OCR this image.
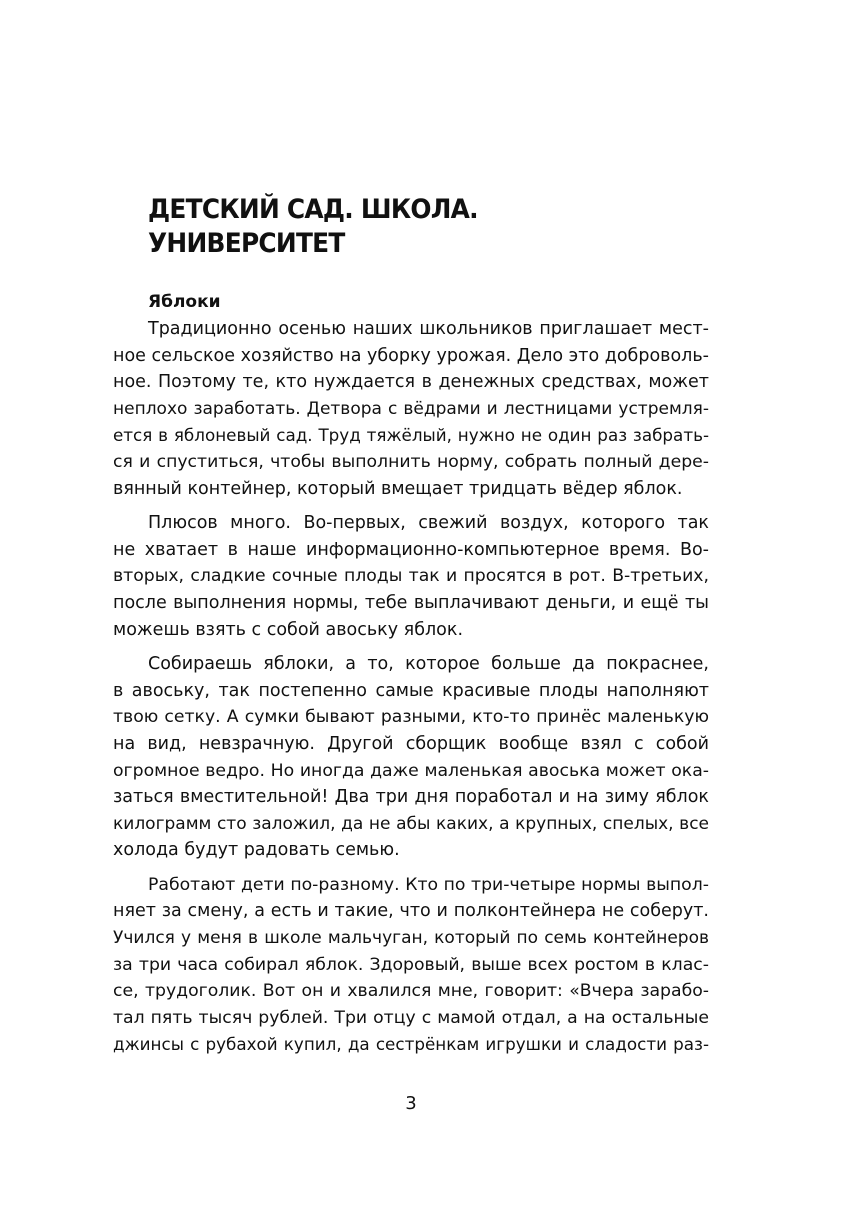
ДЕТСКИЙ САД. ШКОЛА.
УНИВЕРСИТЕТ
Яблоки
Традиционно осенью наших школьников приглашает мест-
ное сельское хозяйство на уборку урожая. Дело это доброволь-
ное. Поэтому те, кто нуждается в денежных средствах, может
неплохо заработать. Детвора с вёдрами и лестницами устремля-
ется в яблоневый сад. Труд тяжёлый, нужно не один раз забрать-
ся и спуститься, чтобы выполнить норму, собрать полный дере-
вянный контейнер, который вмещает тридцать вёдер яблок.
Плюсов много. Во-первых, свежий воздух, которого так
не хватает в наше информационно-компьютерное время. Во-
вторых, сладкие сочные плоды так и просятся в рот. В-третьих,
после выполнения нормы, тебе выплачивают деньги, и ещё ты
можешь взять с собой авоську яблок.
Собираешь яблоки, а то, которое больше да покраснее,
в авоську, так постепенно самые красивые плоды наполняют
твою сетку. А сумки бывают разными, кто-то принёс маленькую
на вид, невзрачную. Другой сборщик вообще взял с собой
огромное ведро. Но иногда даже маленькая авоська может ока-
заться вместительной! Два три дня поработал и на зиму яблок
килограмм сто заложил, да не абы каких, а крупных, спелых, все
холода будут радовать семью.
Работают дети по-разному. Кто по три-четыре нормы выпол-
няет за смену, а есть и такие, что и полконтейнера не соберут.
Учился у меня в школе мальчуган, который по семь контейнеров
за три часа собирал яблок. Здоровый, выше всех ростом в клас-
се, трудоголик. Вот он и хвалился мне, говорит: «Вчера зарабо-
тал пять тысяч рублей. Три отцу с мамой отдал, а на остальные
джинсы с рубахой купил, да сестрёнкам игрушки и сладости раз-
3
